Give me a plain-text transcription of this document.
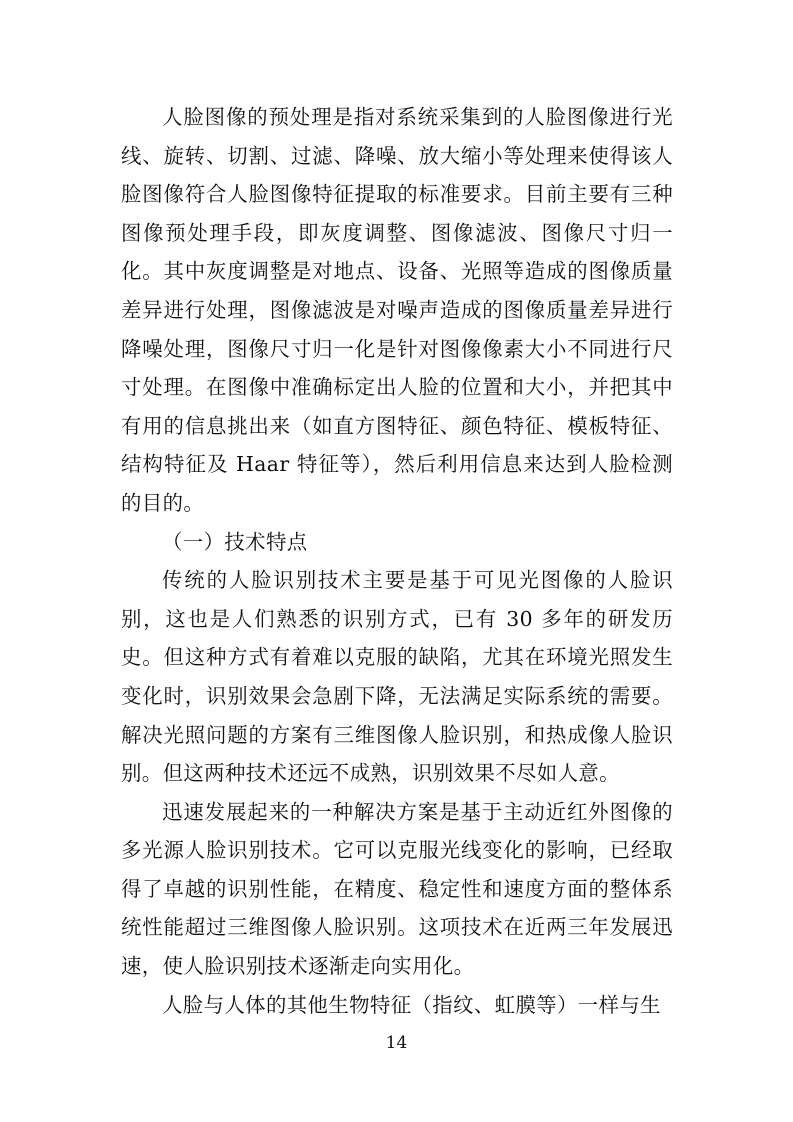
人脸图像的预处理是指对系统采集到的人脸图像进行光线、旋转、切割、过滤、降噪、放大缩小等处理来使得该人脸图像符合人脸图像特征提取的标准要求。目前主要有三种图像预处理手段，即灰度调整、图像滤波、图像尺寸归一化。其中灰度调整是对地点、设备、光照等造成的图像质量差异进行处理，图像滤波是对噪声造成的图像质量差异进行降噪处理，图像尺寸归一化是针对图像像素大小不同进行尺寸处理。在图像中准确标定出人脸的位置和大小，并把其中有用的信息挑出来（如直方图特征、颜色特征、模板特征、结构特征及 Haar 特征等），然后利用信息来达到人脸检测的目的。

（一）技术特点

传统的人脸识别技术主要是基于可见光图像的人脸识别，这也是人们熟悉的识别方式，已有 30 多年的研发历史。但这种方式有着难以克服的缺陷，尤其在环境光照发生变化时，识别效果会急剧下降，无法满足实际系统的需要。解决光照问题的方案有三维图像人脸识别，和热成像人脸识别。但这两种技术还远不成熟，识别效果不尽如人意。

迅速发展起来的一种解决方案是基于主动近红外图像的多光源人脸识别技术。它可以克服光线变化的影响，已经取得了卓越的识别性能，在精度、稳定性和速度方面的整体系统性能超过三维图像人脸识别。这项技术在近两三年发展迅速，使人脸识别技术逐渐走向实用化。

人脸与人体的其他生物特征（指纹、虹膜等）一样与生

14
